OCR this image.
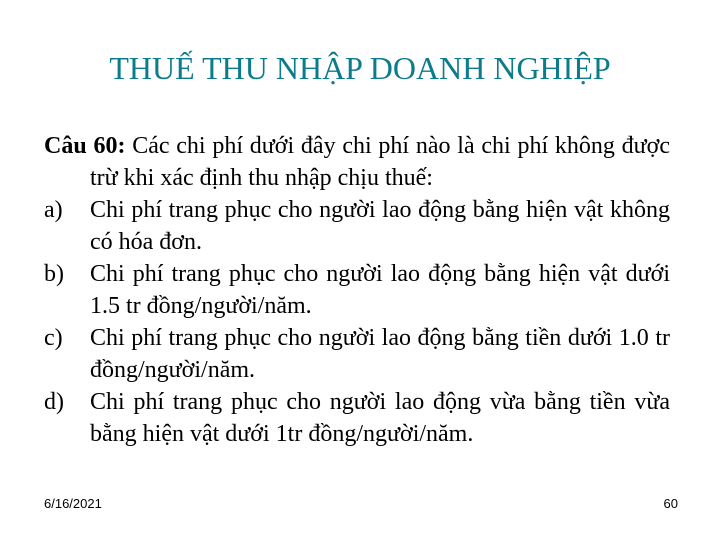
THUẾ THU NHẬP DOANH NGHIỆP
Câu 60: Các chi phí dưới đây chi phí nào là chi phí không được trừ khi xác định thu nhập chịu thuế:
a) Chi phí trang phục cho người lao động bằng hiện vật không có hóa đơn.
b) Chi phí trang phục cho người lao động bằng hiện vật dưới 1.5 tr đồng/người/năm.
c) Chi phí trang phục cho người lao động bằng tiền dưới 1.0 tr đồng/người/năm.
d) Chi phí trang phục cho người lao động vừa bằng tiền vừa bằng hiện vật dưới 1tr đồng/người/năm.
6/16/2021	60
